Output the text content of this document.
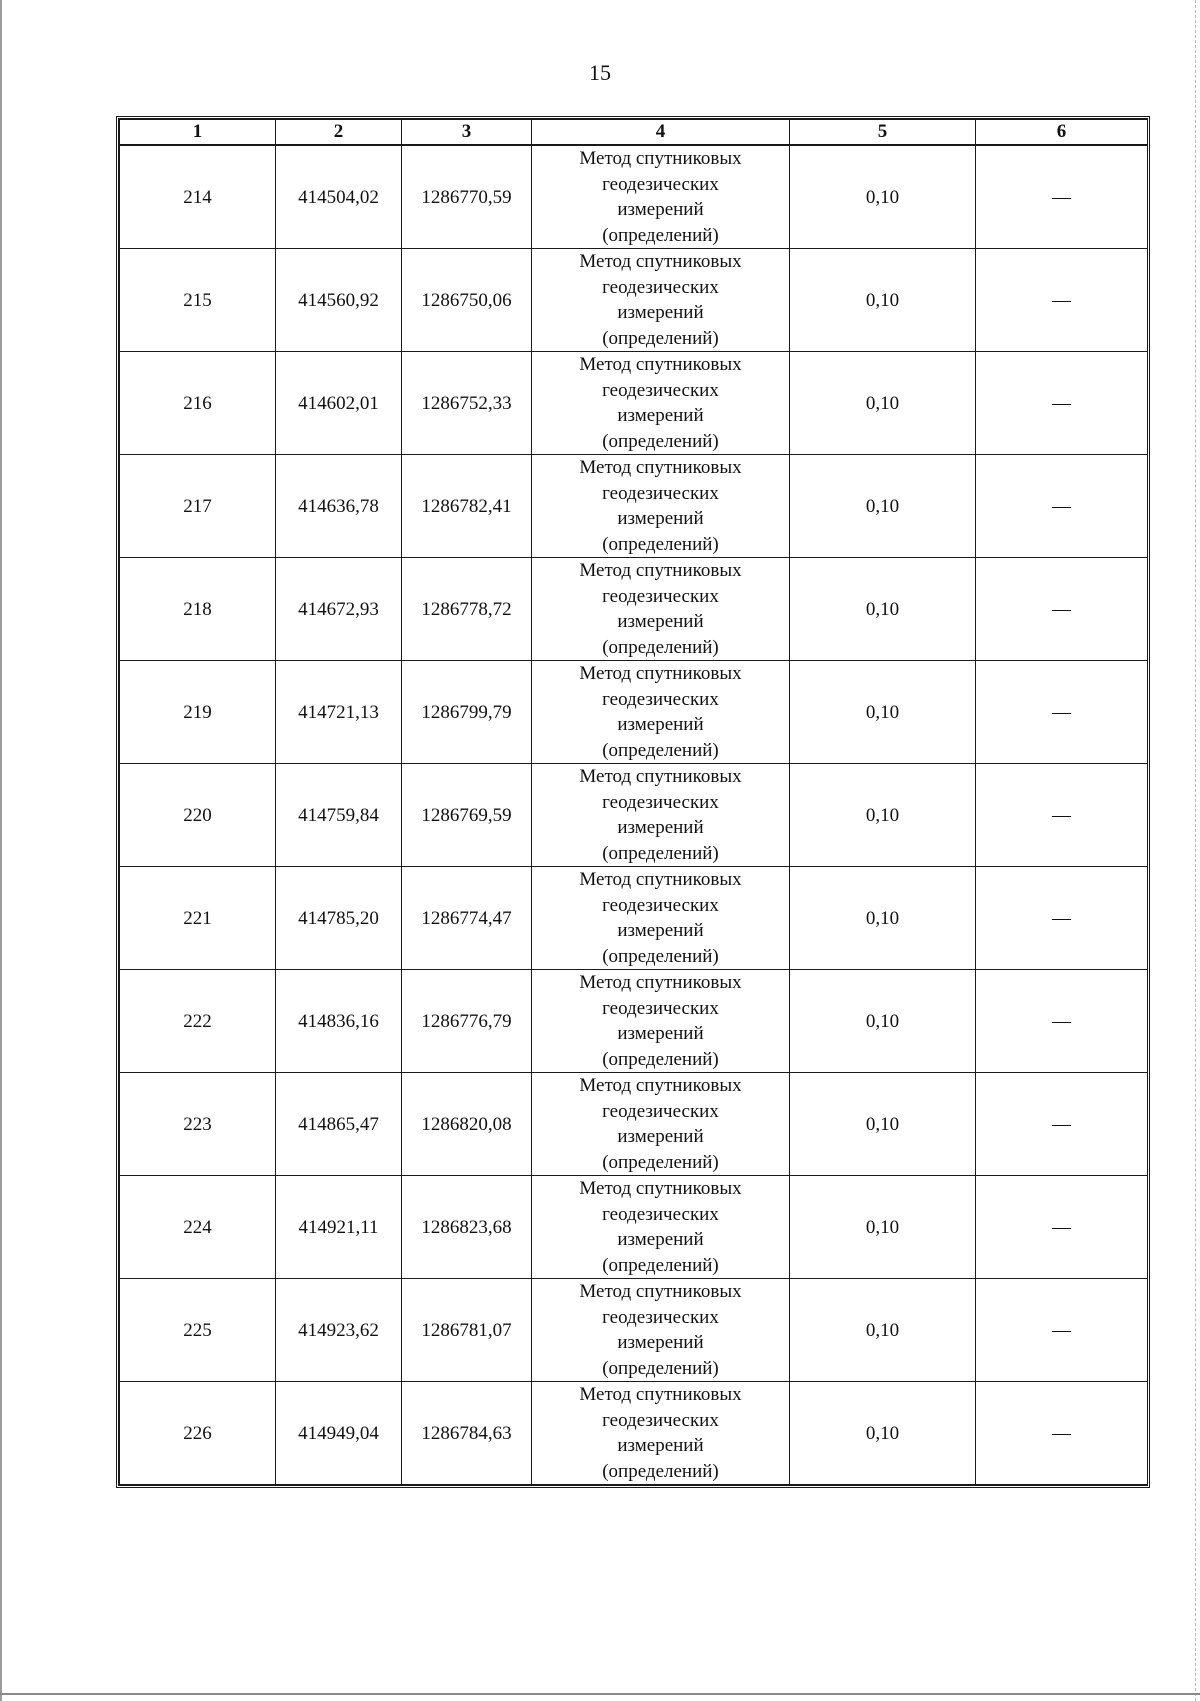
15
1	2	3	4	5	6
214	414504,02	1286770,59	Метод спутниковых
геодезических
измерений
(определений)	0,10	—
215	414560,92	1286750,06	Метод спутниковых
геодезических
измерений
(определений)	0,10	—
216	414602,01	1286752,33	Метод спутниковых
геодезических
измерений
(определений)	0,10	—
217	414636,78	1286782,41	Метод спутниковых
геодезических
измерений
(определений)	0,10	—
218	414672,93	1286778,72	Метод спутниковых
геодезических
измерений
(определений)	0,10	—
219	414721,13	1286799,79	Метод спутниковых
геодезических
измерений
(определений)	0,10	—
220	414759,84	1286769,59	Метод спутниковых
геодезических
измерений
(определений)	0,10	—
221	414785,20	1286774,47	Метод спутниковых
геодезических
измерений
(определений)	0,10	—
222	414836,16	1286776,79	Метод спутниковых
геодезических
измерений
(определений)	0,10	—
223	414865,47	1286820,08	Метод спутниковых
геодезических
измерений
(определений)	0,10	—
224	414921,11	1286823,68	Метод спутниковых
геодезических
измерений
(определений)	0,10	—
225	414923,62	1286781,07	Метод спутниковых
геодезических
измерений
(определений)	0,10	—
226	414949,04	1286784,63	Метод спутниковых
геодезических
измерений
(определений)	0,10	—
